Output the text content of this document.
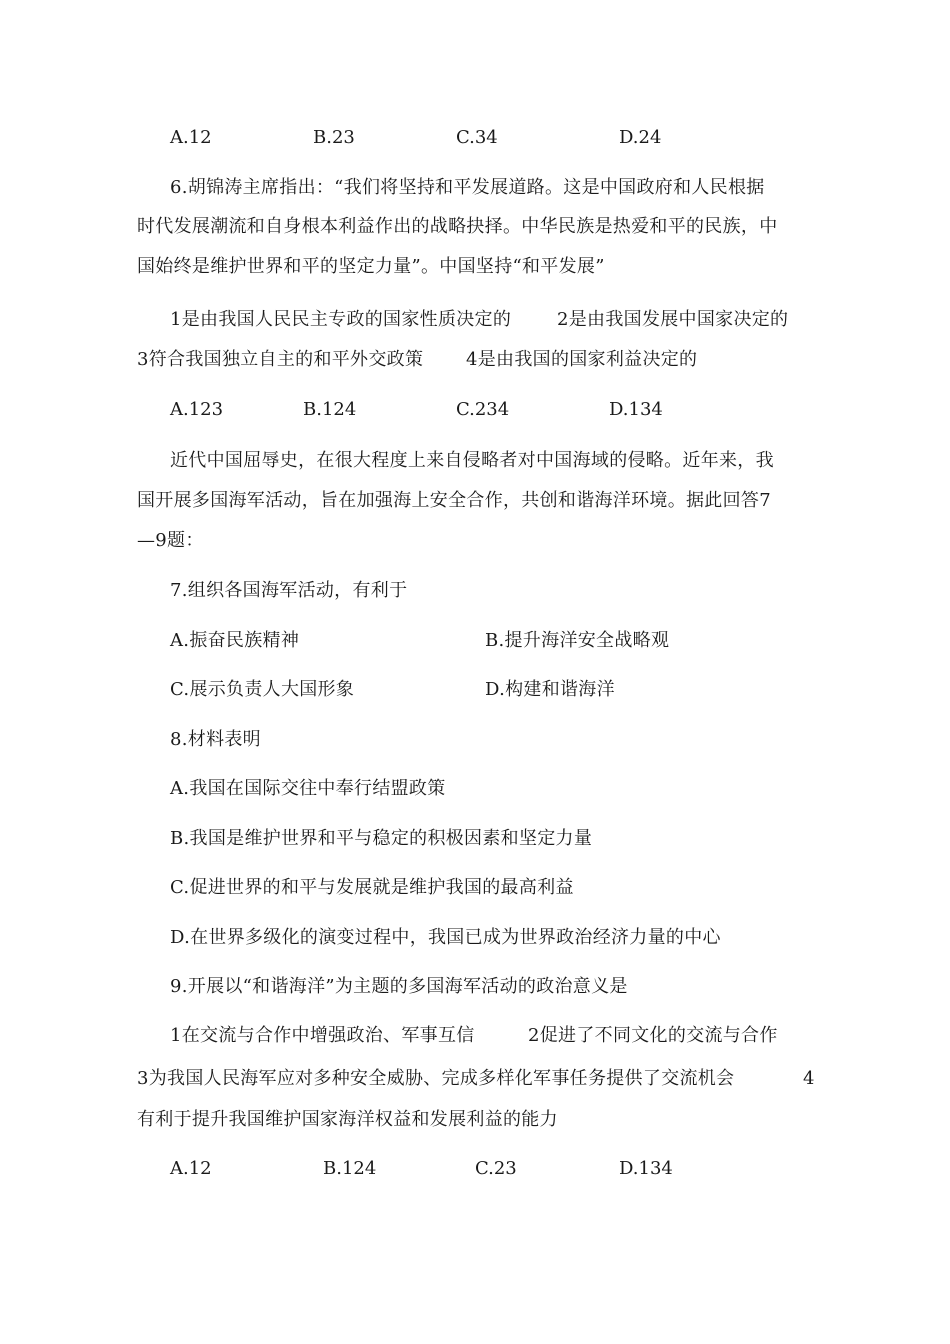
A.12	B.23	C.34	D.24
6.胡锦涛主席指出：“我们将坚持和平发展道路。这是中国政府和人民根据
时代发展潮流和自身根本利益作出的战略抉择。中华民族是热爱和平的民族，中
国始终是维护世界和平的坚定力量”。中国坚持“和平发展”
1是由我国人民民主专政的国家性质决定的	2是由我国发展中国家决定的
3符合我国独立自主的和平外交政策 4是由我国的国家利益决定的
A.123	B.124	C.234	D.134
近代中国屈辱史，在很大程度上来自侵略者对中国海域的侵略。近年来，我
国开展多国海军活动，旨在加强海上安全合作，共创和谐海洋环境。据此回答7
—9题：
7.组织各国海军活动，有利于
A.振奋民族精神	B.提升海洋安全战略观
C.展示负责人大国形象	D.构建和谐海洋
8.材料表明
A.我国在国际交往中奉行结盟政策
B.我国是维护世界和平与稳定的积极因素和坚定力量
C.促进世界的和平与发展就是维护我国的最高利益
D.在世界多级化的演变过程中，我国已成为世界政治经济力量的中心
9.开展以“和谐海洋”为主题的多国海军活动的政治意义是
1在交流与合作中增强政治、军事互信	2促进了不同文化的交流与合作
3为我国人民海军应对多种安全威胁、完成多样化军事任务提供了交流机会	4
有利于提升我国维护国家海洋权益和发展利益的能力
A.12	B.124	C.23	D.134
